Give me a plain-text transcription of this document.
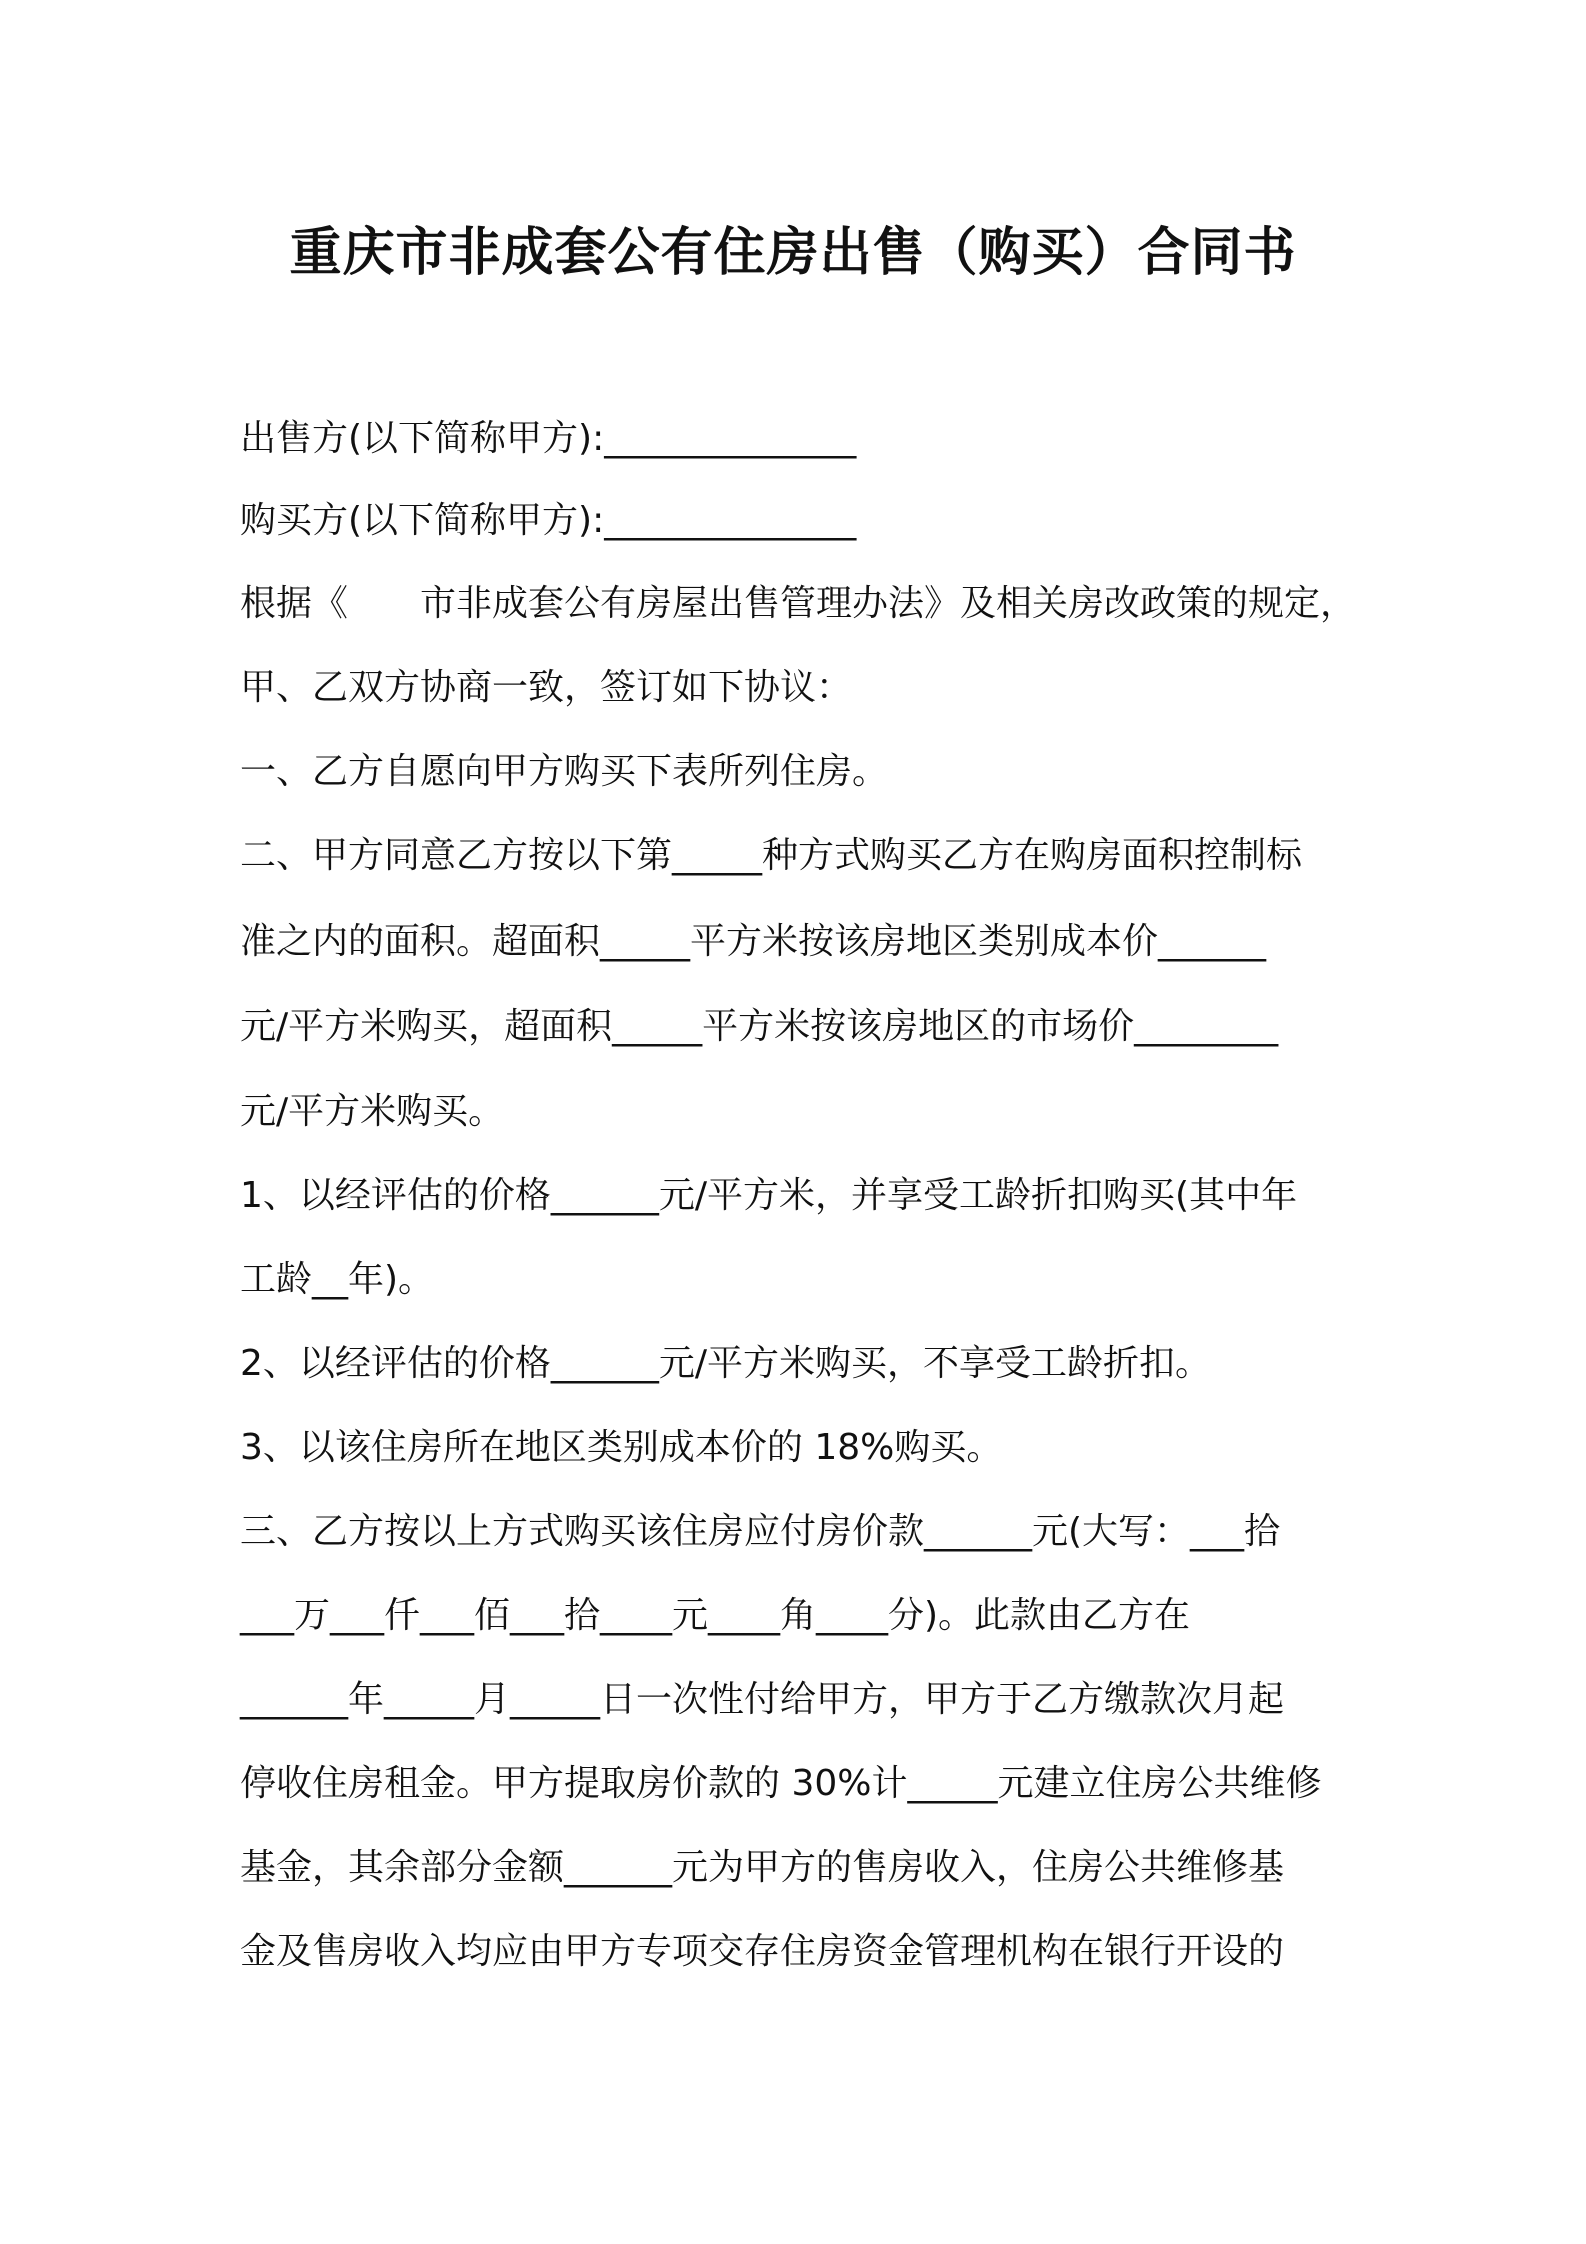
重庆市非成套公有住房出售（购买）合同书
出售方(以下简称甲方):______________
购买方(以下简称甲方):______________
根据《　　市非成套公有房屋出售管理办法》及相关房改政策的规定，
甲、乙双方协商一致，签订如下协议：
一、乙方自愿向甲方购买下表所列住房。
二、甲方同意乙方按以下第_____种方式购买乙方在购房面积控制标
准之内的面积。超面积_____平方米按该房地区类别成本价______
元/平方米购买，超面积_____平方米按该房地区的市场价________
元/平方米购买。
1、以经评估的价格______元/平方米，并享受工龄折扣购买(其中年
工龄__年)。
2、以经评估的价格______元/平方米购买，不享受工龄折扣。
3、以该住房所在地区类别成本价的 18%购买。
三、乙方按以上方式购买该住房应付房价款______元(大写：___拾
___万___仟___佰___拾____元____角____分)。此款由乙方在
______年_____月_____日一次性付给甲方，甲方于乙方缴款次月起
停收住房租金。甲方提取房价款的 30%计_____元建立住房公共维修
基金，其余部分金额______元为甲方的售房收入，住房公共维修基
金及售房收入均应由甲方专项交存住房资金管理机构在银行开设的
